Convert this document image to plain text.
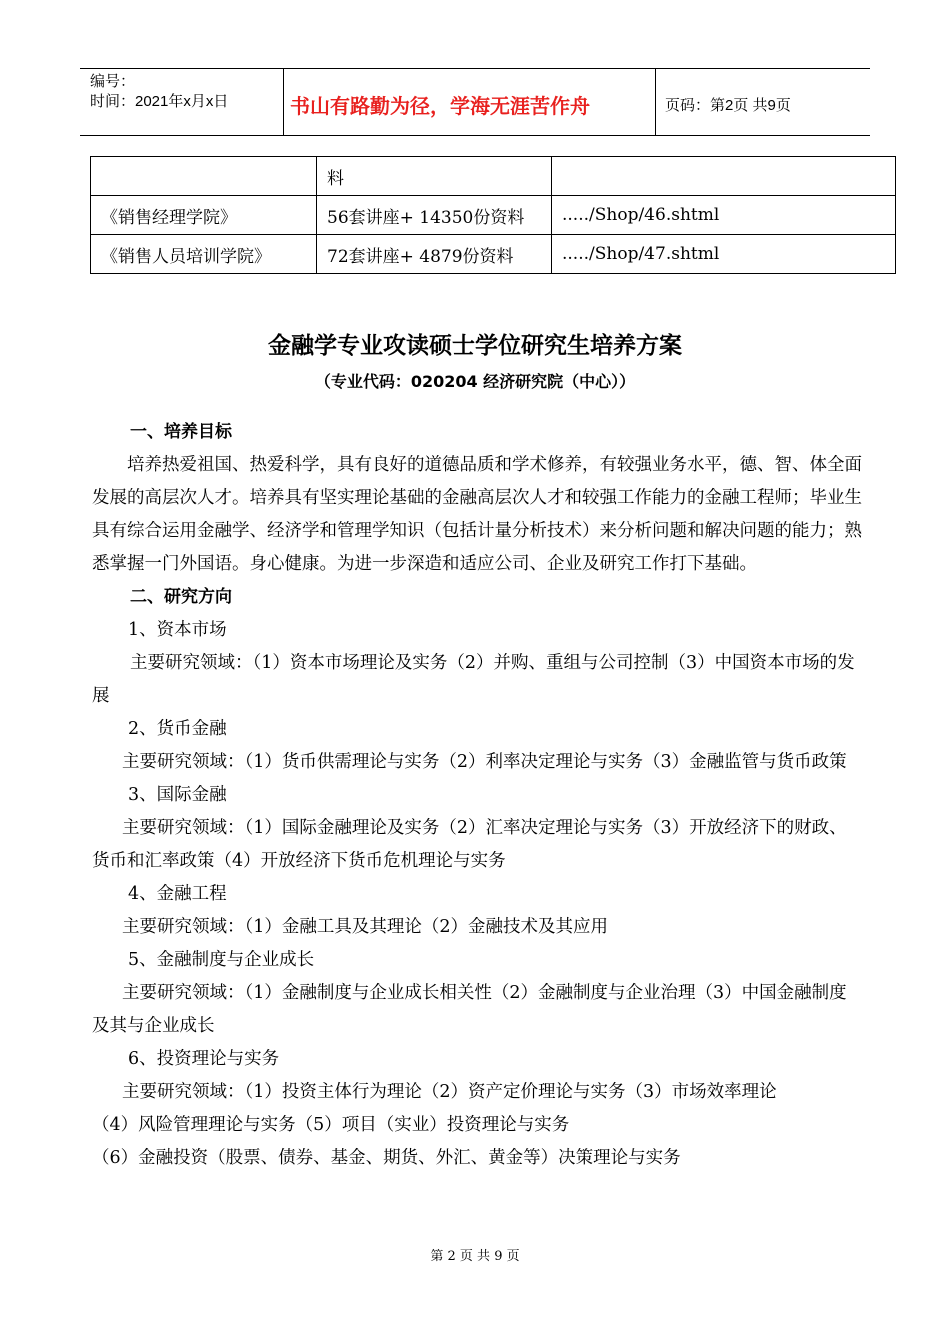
编号：
时间：2021年x月x日	书山有路勤为径，学海无涯苦作舟	页码：第2页 共9页
	料	
《销售经理学院》	56套讲座+ 14350份资料	...../Shop/46.shtml
《销售人员培训学院》	72套讲座+ 4879份资料	...../Shop/47.shtml
金融学专业攻读硕士学位研究生培养方案
（专业代码：020204 经济研究院（中心））
一、培养目标
培养热爱祖国、热爱科学，具有良好的道德品质和学术修养，有较强业务水平，德、智、体全面发展的高层次人才。培养具有坚实理论基础的金融高层次人才和较强工作能力的金融工程师；毕业生具有综合运用金融学、经济学和管理学知识（包括计量分析技术）来分析问题和解决问题的能力；熟悉掌握一门外国语。身心健康。为进一步深造和适应公司、企业及研究工作打下基础。
二、研究方向
1、资本市场
主要研究领域：（1）资本市场理论及实务（2）并购、重组与公司控制（3）中国资本市场的发展
2、货币金融
主要研究领域：（1）货币供需理论与实务（2）利率决定理论与实务（3）金融监管与货币政策
3、国际金融
主要研究领域：（1）国际金融理论及实务（2）汇率决定理论与实务（3）开放经济下的财政、货币和汇率政策（4）开放经济下货币危机理论与实务
4、金融工程
主要研究领域：（1）金融工具及其理论（2）金融技术及其应用
5、金融制度与企业成长
主要研究领域：（1）金融制度与企业成长相关性（2）金融制度与企业治理（3）中国金融制度及其与企业成长
6、投资理论与实务
主要研究领域：（1）投资主体行为理论（2）资产定价理论与实务（3）市场效率理论
（4）风险管理理论与实务（5）项目（实业）投资理论与实务
（6）金融投资（股票、债券、基金、期货、外汇、黄金等）决策理论与实务
第 2 页 共 9 页
